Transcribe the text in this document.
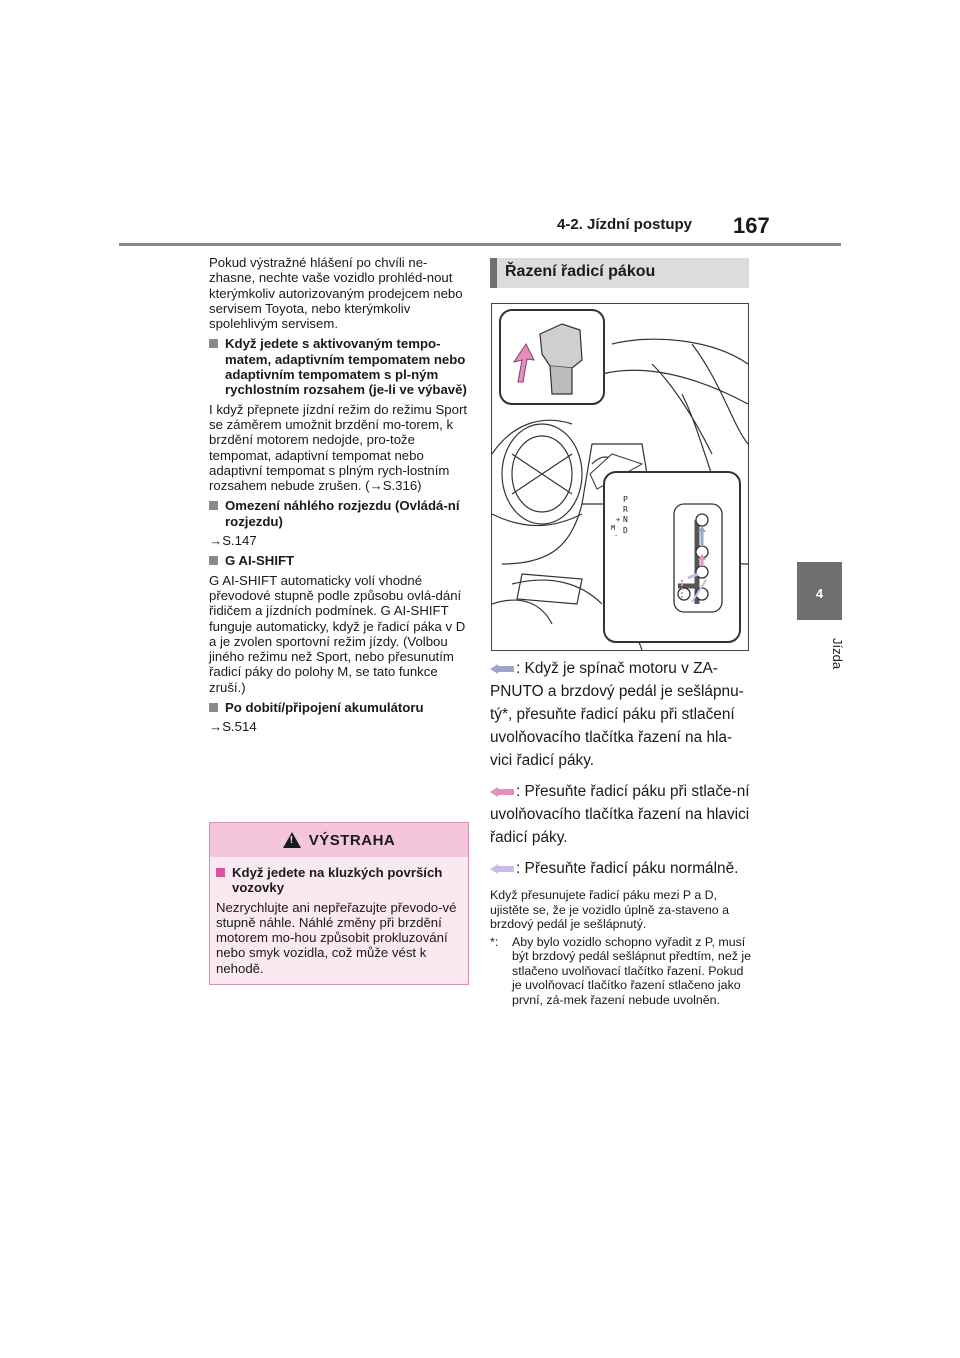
4-2. Jízdní postupy 167
4
Jízda

Pokud výstražné hlášení po chvíli ne-zhasne, nechte vaše vozidlo prohléd-nout kterýmkoliv autorizovaným prodejcem nebo servisem Toyota, nebo kterýmkoliv spolehlivým servisem.

Když jedete s aktivovaným tempo-matem, adaptivním tempomatem nebo adaptivním tempomatem s pl-ným rychlostním rozsahem (je-li ve výbavě)

I když přepnete jízdní režim do režimu Sport se záměrem umožnit brzdění mo-torem, k brzdění motorem nedojde, pro-tože tempomat, adaptivní tempomat nebo adaptivní tempomat s plným rych-lostním rozsahem nebude zrušen. (→S.316)

Omezení náhlého rozjezdu (Ovládá-ní rozjezdu)

→S.147

G AI-SHIFT

G AI-SHIFT automaticky volí vhodné převodové stupně podle způsobu ovlá-dání řidičem a jízdních podmínek. G AI-SHIFT funguje automaticky, když je řadicí páka v D a je zvolen sportovní režim jízdy. (Volbou jiného režimu než Sport, nebo přesunutím řadicí páky do polohy M, se tato funkce zruší.)

Po dobití/připojení akumulátoru

→S.514

! VÝSTRAHA
Když jedete na kluzkých površích vozovky

Nezrychlujte ani nepřeřazujte převodo-vé stupně náhle. Náhlé změny při brzdění motorem mo-hou způsobit prokluzování nebo smyk vozidla, což může vést k nehodě.

Řazení řadicí pákou
P
R
N
D
+
M
-

: Když je spínač motoru v ZA-PNUTO a brzdový pedál je sešlápnu-tý*, přesuňte řadicí páku při stlačení uvolňovacího tlačítka řazení na hla-vici řadicí páky.

: Přesuňte řadicí páku při stlače-ní uvolňovacího tlačítka řazení na hlavici řadicí páky.

: Přesuňte řadicí páku normálně.

Když přesunujete řadicí páku mezi P a D, ujistěte se, že je vozidlo úplně za-staveno a brzdový pedál je sešlápnutý.

*:	Aby bylo vozidlo schopno vyřadit z P, musí být brzdový pedál sešlápnut předtím, než je stlačeno uvolňovací tlačítko řazení. Pokud je uvolňovací tlačítko řazení stlačeno jako první, zá-mek řazení nebude uvolněn.
